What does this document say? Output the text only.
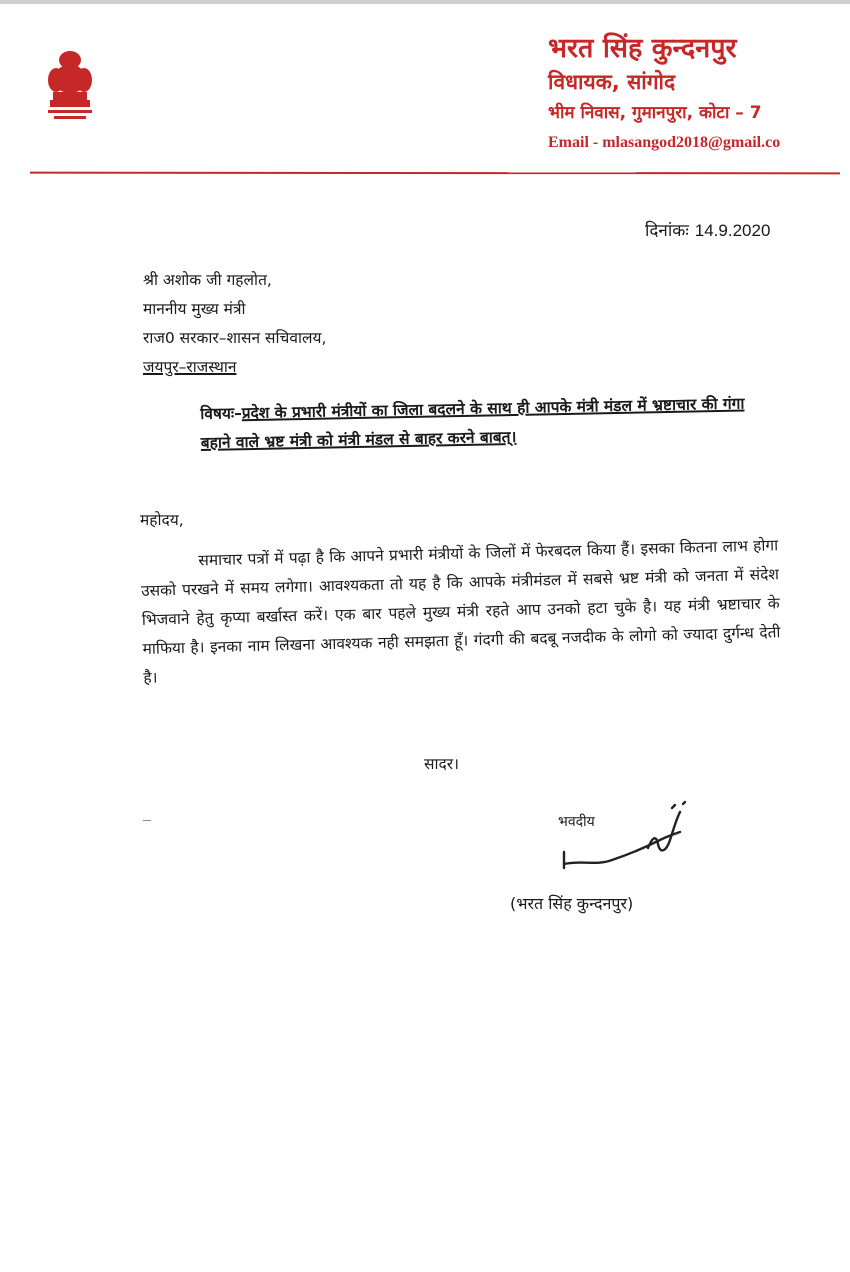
भरत सिंह कुन्दनपुर
विधायक, सांगोद
भीम निवास, गुमानपुरा, कोटा – 7
Email - mlasangod2018@gmail.co
दिनांकः 14.9.2020
श्री अशोक जी गहलोत,
माननीय मुख्य मंत्री
राज0 सरकार–शासन सचिवालय,
जयपुर–राजस्थान
विषयः–प्रदेश के प्रभारी मंत्रीयों का जिला बदलने के साथ ही आपके मंत्री मंडल में भ्रष्टाचार की गंगा बहाने वाले भ्रष्ट मंत्री को मंत्री मंडल से बाहर करने बाबत्।
महोदय,
समाचार पत्रों में पढ़ा है कि आपने प्रभारी मंत्रीयों के जिलों में फेरबदल किया हैं। इसका कितना लाभ होगा उसको परखने में समय लगेगा। आवश्यकता तो यह है कि आपके मंत्रीमंडल में सबसे भ्रष्ट मंत्री को जनता में संदेश भिजवाने हेतु कृप्या बर्खास्त करें। एक बार पहले मुख्य मंत्री रहते आप उनको हटा चुके है। यह मंत्री भ्रष्टाचार के माफिया है। इनका नाम लिखना आवश्यक नही समझता हूँ। गंदगी की बदबू नजदीक के लोगो को ज्यादा दुर्गन्ध देती है।
सादर।
भवदीय
(भरत सिंह कुन्दनपुर)
